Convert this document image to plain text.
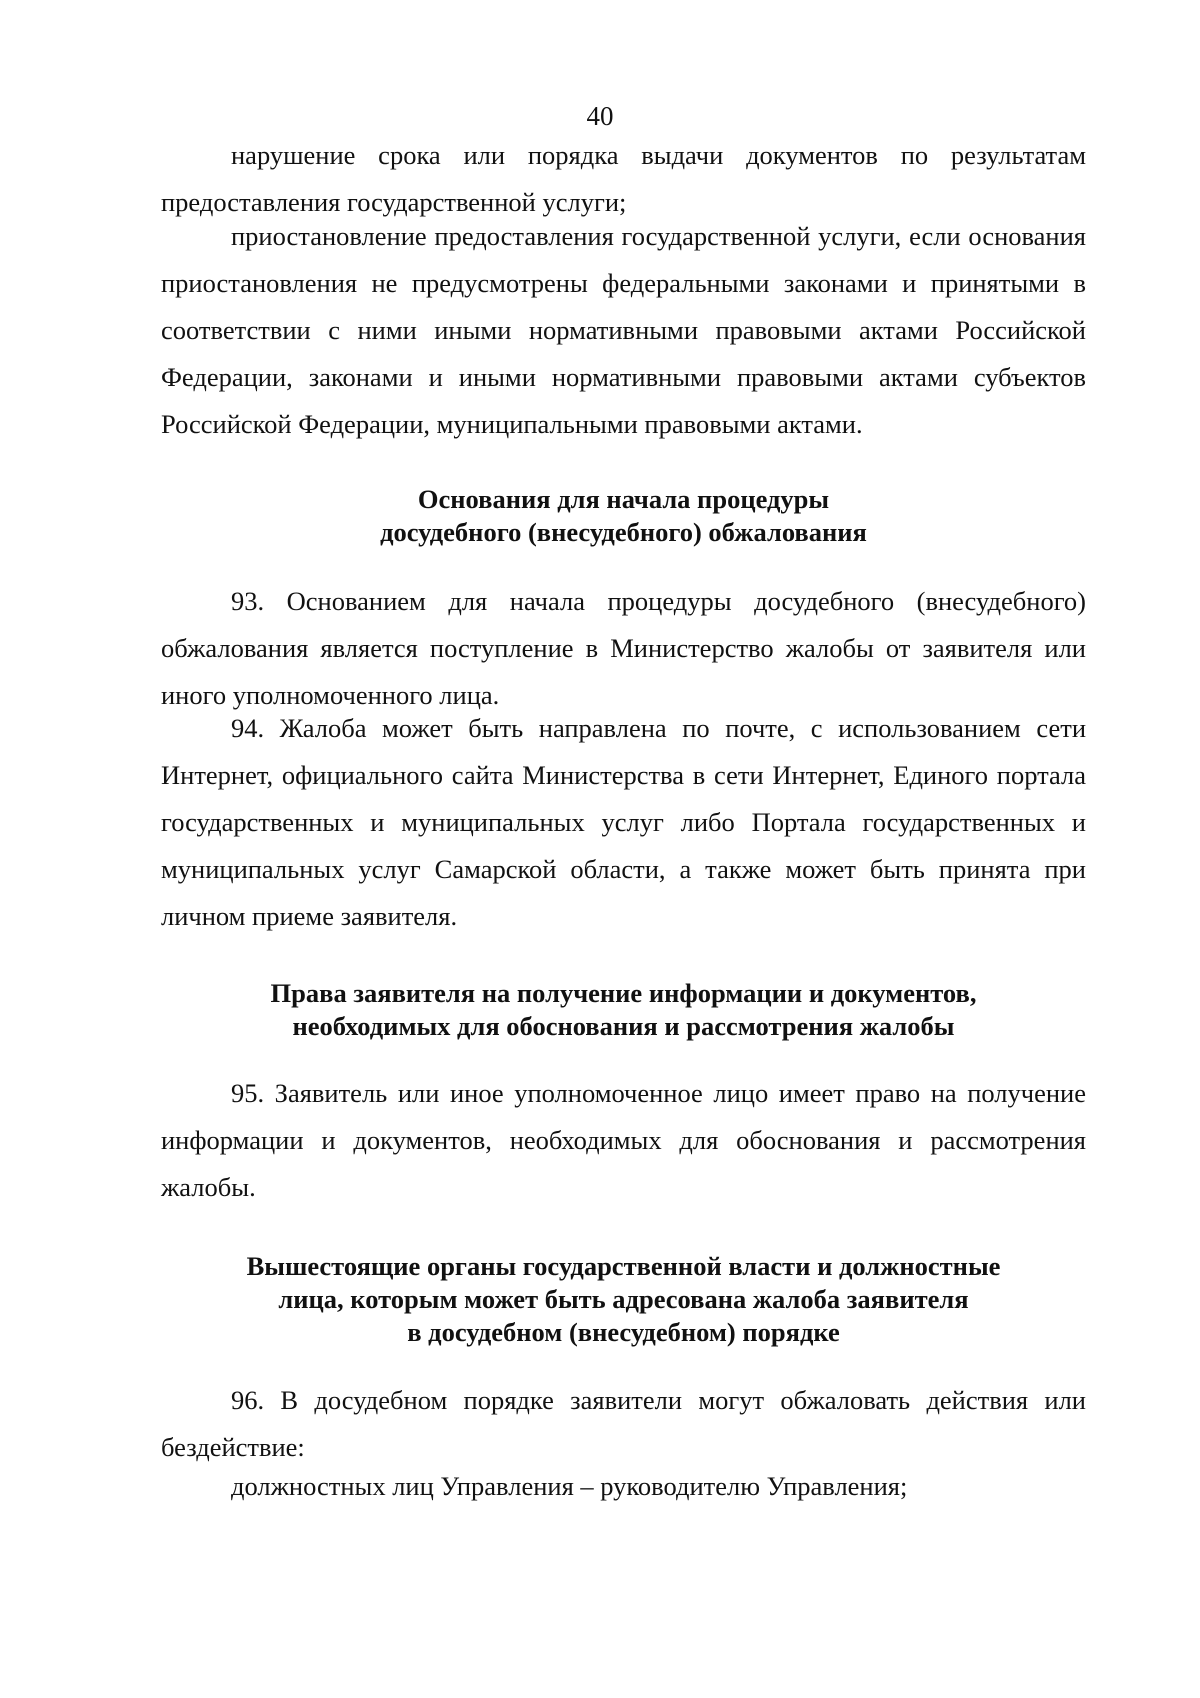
40

нарушение срока или порядка выдачи документов по результатам предоставления государственной услуги;

приостановление предоставления государственной услуги, если основания приостановления не предусмотрены федеральными законами и принятыми в соответствии с ними иными нормативными правовыми актами Российской Федерации, законами и иными нормативными правовыми актами субъектов Российской Федерации, муниципальными правовыми актами.

Основания для начала процедуры
досудебного (внесудебного) обжалования

93. Основанием для начала процедуры досудебного (внесудебного) обжалования является поступление в Министерство жалобы от заявителя или иного уполномоченного лица.

94. Жалоба может быть направлена по почте, с использованием сети Интернет, официального сайта Министерства в сети Интернет, Единого портала государственных и муниципальных услуг либо Портала государственных и муниципальных услуг Самарской области, а также может быть принята при личном приеме заявителя.

Права заявителя на получение информации и документов,
необходимых для обоснования и рассмотрения жалобы

95. Заявитель или иное уполномоченное лицо имеет право на получение информации и документов, необходимых для обоснования и рассмотрения жалобы.

Вышестоящие органы государственной власти и должностные
лица, которым может быть адресована жалоба заявителя
в досудебном (внесудебном) порядке

96. В досудебном порядке заявители могут обжаловать действия или бездействие:

должностных лиц Управления – руководителю Управления;
